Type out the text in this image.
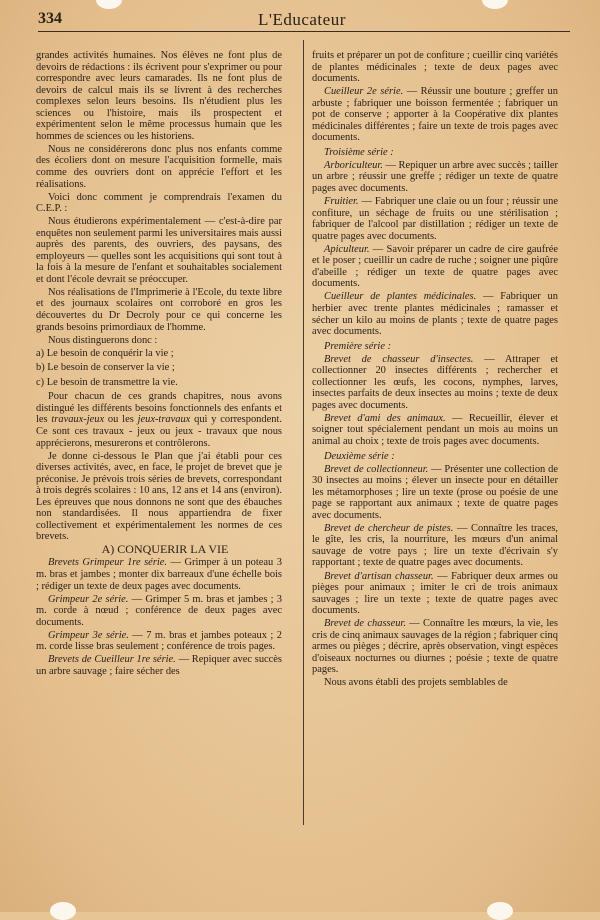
334	L'Educateur

grandes activités humaines. Nos élèves ne font plus de devoirs de rédactions : ils écrivent pour s'exprimer ou pour correspondre avec leurs camarades. Ils ne font plus de devoirs de calcul mais ils se livrent à des recherches complexes selon leurs besoins. Ils n'étudient plus les sciences ou l'histoire, mais ils prospectent et expérimentent selon le même processus humain que les hommes de sciences ou les historiens.

Nous ne considérerons donc plus nos enfants comme des écoliers dont on mesure l'acquisition formelle, mais comme des ouvriers dont on apprécie l'effort et les réalisations.

Voici donc comment je comprendrais l'examen du C.E.P. :

Nous étudierons expérimentalement — c'est-à-dire par enquêtes non seulement parmi les universitaires mais aussi auprès des parents, des ouvriers, des paysans, des employeurs — quelles sont les acquisitions qui sont tout à la fois à la mesure de l'enfant et souhaitables socialement et dont l'école devrait se préoccuper.

Nos réalisations de l'Imprimerie à l'Ecole, du texte libre et des journaux scolaires ont corroboré en gros les découvertes du Dr Decroly pour ce qui concerne les grands besoins primordiaux de l'homme.

Nous distinguerons donc :

a) Le besoin de conquérir la vie ;

b) Le besoin de conserver la vie ;

c) Le besoin de transmettre la vie.

Pour chacun de ces grands chapitres, nous avons distingué les différents besoins fonctionnels des enfants et les travaux-jeux ou les jeux-travaux qui y correspondent. Ce sont ces travaux - jeux ou jeux - travaux que nous apprécierons, mesurerons et contrôlerons.

Je donne ci-dessous le Plan que j'ai établi pour ces diverses activités, avec, en face, le projet de brevet que je préconise. Je prévois trois séries de brevets, correspondant à trois degrés scolaires : 10 ans, 12 ans et 14 ans (environ). Les épreuves que nous donnons ne sont que des ébauches non standardisées. Il nous appartiendra de fixer collectivement et expérimentalement les normes de ces brevets.

A) CONQUERIR LA VIE

Brevets Grimpeur 1re série. — Grimper à un poteau 3 m. bras et jambes ; monter dix barreaux d'une échelle bois ; rédiger un texte de deux pages avec documents.

Grimpeur 2e série. — Grimper 5 m. bras et jambes ; 3 m. corde à nœud ; conférence de deux pages avec documents.

Grimpeur 3e série. — 7 m. bras et jambes poteaux ; 2 m. corde lisse bras seulement ; conférence de trois pages.

Brevets de Cueilleur 1re série. — Repiquer avec succès un arbre sauvage ; faire sécher des

fruits et préparer un pot de confiture ; cueillir cinq variétés de plantes médicinales ; texte de deux pages avec documents.

Cueilleur 2e série. — Réussir une bouture ; greffer un arbuste ; fabriquer une boisson fermentée ; fabriquer un pot de conserve ; apporter à la Coopérative dix plantes médicinales différentes ; faire un texte de trois pages avec documents.

Troisième série :

Arboriculteur. — Repiquer un arbre avec succès ; tailler un arbre ; réussir une greffe ; rédiger un texte de quatre pages avec documents.

Fruitier. — Fabriquer une claie ou un four ; réussir une confiture, un séchage de fruits ou une stérilisation ; fabriquer de l'alcool par distillation ; rédiger un texte de quatre pages avec documents.

Apiculteur. — Savoir préparer un cadre de cire gaufrée et le poser ; cueillir un cadre de ruche ; soigner une piqûre d'abeille ; rédiger un texte de quatre pages avec documents.

Cueilleur de plantes médicinales. — Fabriquer un herbier avec trente plantes médicinales ; ramasser et sécher un kilo au moins de plants ; texte de quatre pages avec documents.

Première série :

Brevet de chasseur d'insectes. — Attraper et collectionner 20 insectes différents ; rechercher et collectionner les œufs, les cocons, nymphes, larves, insectes parfaits de deux insectes au moins ; texte de deux pages avec documents.

Brevet d'ami des animaux. — Recueillir, élever et soigner tout spécialement pendant un mois au moins un animal au choix ; texte de trois pages avec documents.

Deuxième série :

Brevet de collectionneur. — Présenter une collection de 30 insectes au moins ; élever un insecte pour en détailler les métamorphoses ; lire un texte (prose ou poésie de une page se rapportant aux animaux ; texte de quatre pages avec documents.

Brevet de chercheur de pistes. — Connaître les traces, le gîte, les cris, la nourriture, les mœurs d'un animal sauvage de votre pays ; lire un texte d'écrivain s'y rapportant ; texte de quatre pages avec documents.

Brevet d'artisan chasseur. — Fabriquer deux armes ou pièges pour animaux ; imiter le cri de trois animaux sauvages ; lire un texte ; texte de quatre pages avec documents.

Brevet de chasseur. — Connaître les mœurs, la vie, les cris de cinq animaux sauvages de la région ; fabriquer cinq armes ou pièges ; décrire, après observation, vingt espèces d'oiseaux nocturnes ou diurnes ; poésie ; texte de quatre pages.

Nous avons établi des projets semblables de
